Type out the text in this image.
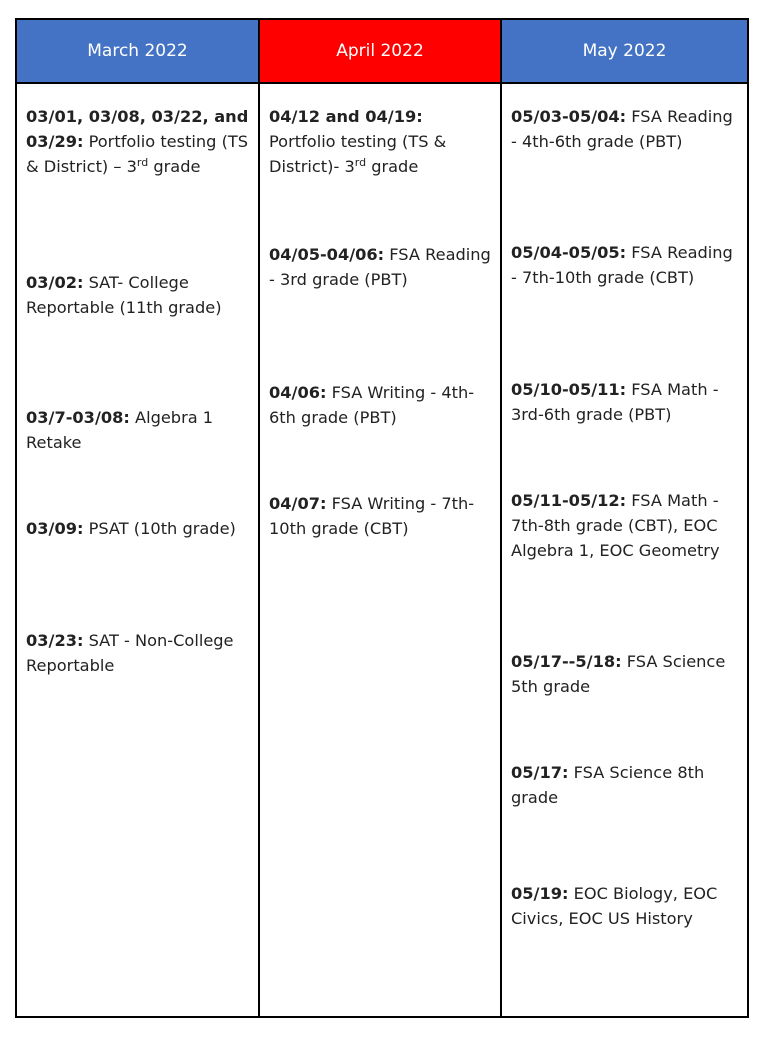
March 2022
03/01, 03/08, 03/22, and 03/29: Portfolio testing (TS & District) – 3rd grade
03/02: SAT- College Reportable (11th grade)
03/7-03/08: Algebra 1 Retake
03/09: PSAT (10th grade)
03/23: SAT - Non-College Reportable
April 2022
04/12 and 04/19: Portfolio testing (TS & District)- 3rd grade
04/05-04/06: FSA Reading - 3rd grade (PBT)
04/06: FSA Writing - 4th-6th grade (PBT)
04/07: FSA Writing - 7th-10th grade (CBT)
May 2022
05/03-05/04: FSA Reading - 4th-6th grade (PBT)
05/04-05/05: FSA Reading - 7th-10th grade (CBT)
05/10-05/11: FSA Math - 3rd-6th grade (PBT)
05/11-05/12: FSA Math - 7th-8th grade (CBT), EOC Algebra 1, EOC Geometry
05/17--5/18: FSA Science 5th grade
05/17: FSA Science 8th grade
05/19: EOC Biology, EOC Civics, EOC US History
